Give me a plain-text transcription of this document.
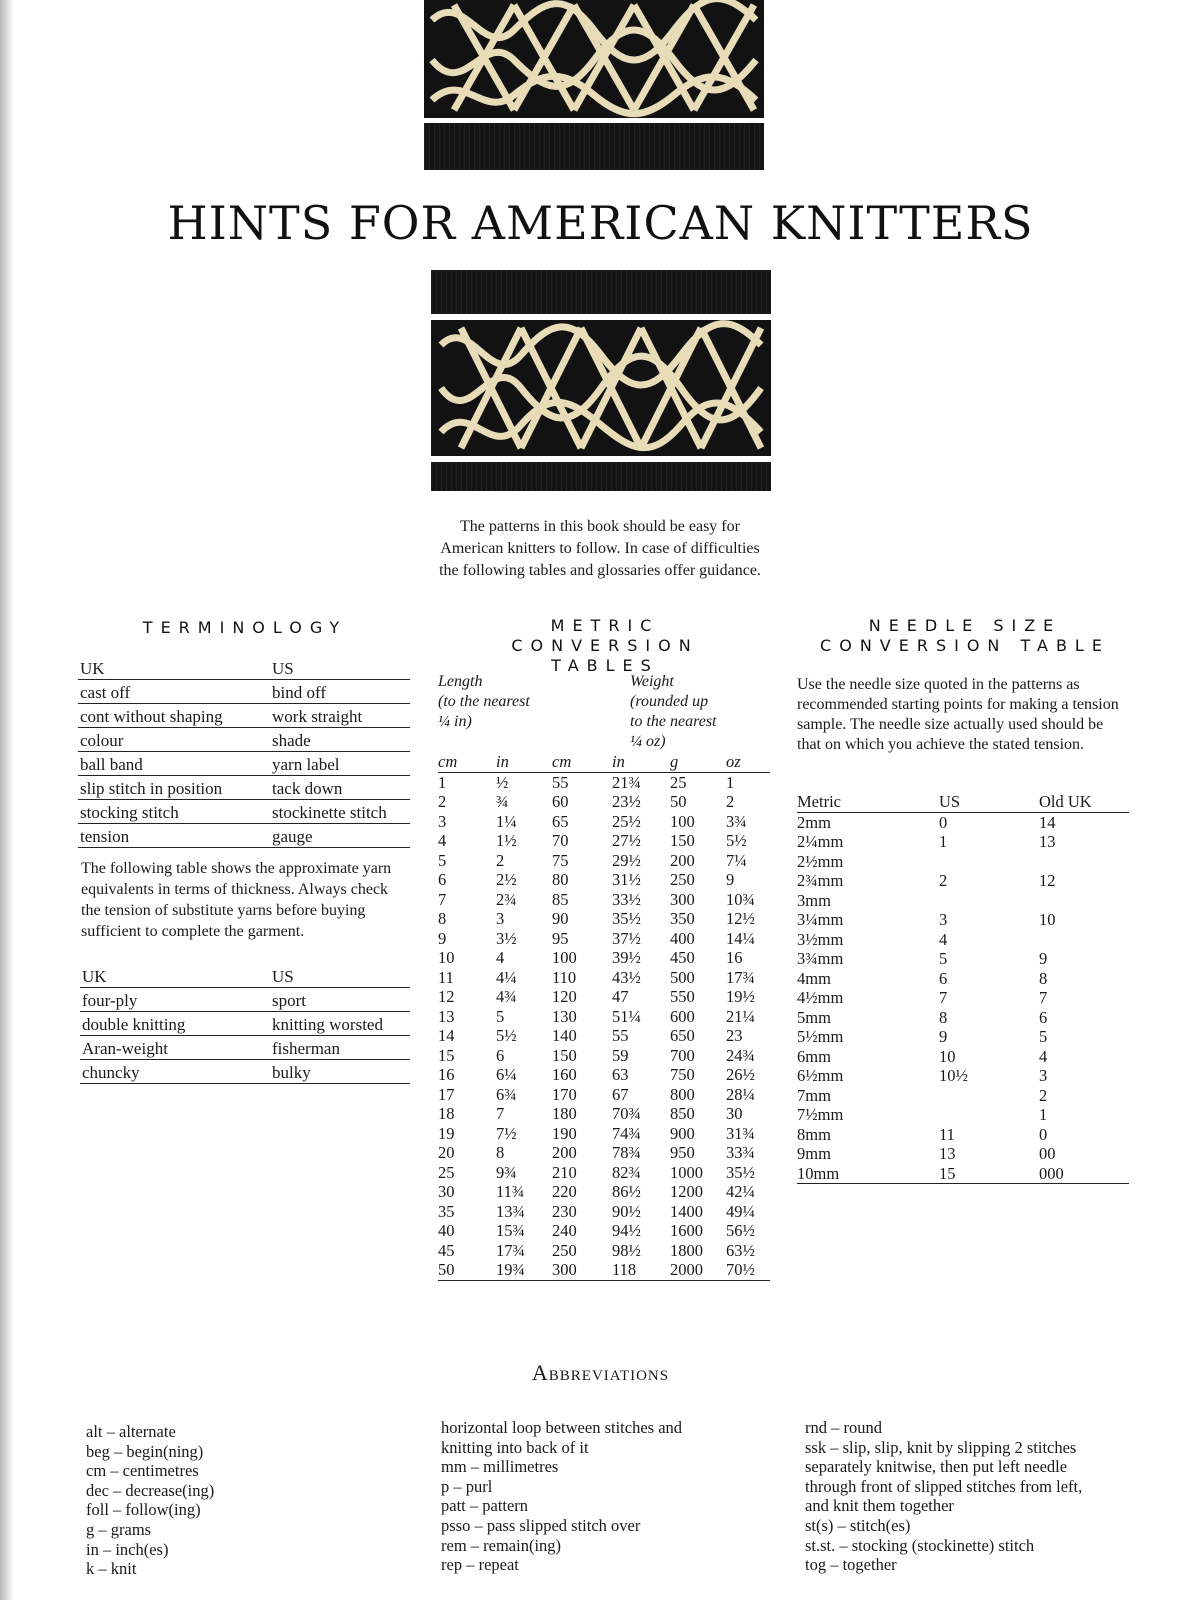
HINTS FOR AMERICAN KNITTERS
The patterns in this book should be easy for American knitters to follow. In case of difficulties the following tables and glossaries offer guidance.
TERMINOLOGY
UK	US
cast off	bind off
cont without shaping	work straight
colour	shade
ball band	yarn label
slip stitch in position	tack down
stocking stitch	stockinette stitch
tension	gauge
The following table shows the approximate yarn equivalents in terms of thickness. Always check the tension of substitute yarns before buying sufficient to complete the garment.
UK	US
four-ply	sport
double knitting	knitting worsted
Aran-weight	fisherman
chuncky	bulky
METRIC
CONVERSION
TABLES
Length
(to the nearest
¼ in)
Weight
(rounded up
to the nearest
¼ oz)
cm	in	cm	in	g	oz
1	½	55	21¾	25	1
2	¾	60	23½	50	2
3	1¼	65	25½	100	3¾
4	1½	70	27½	150	5½
5	2	75	29½	200	7¼
6	2½	80	31½	250	9
7	2¾	85	33½	300	10¾
8	3	90	35½	350	12½
9	3½	95	37½	400	14¼
10	4	100	39½	450	16
11	4¼	110	43½	500	17¾
12	4¾	120	47	550	19½
13	5	130	51¼	600	21¼
14	5½	140	55	650	23
15	6	150	59	700	24¾
16	6¼	160	63	750	26½
17	6¾	170	67	800	28¼
18	7	180	70¾	850	30
19	7½	190	74¾	900	31¾
20	8	200	78¾	950	33¾
25	9¾	210	82¾	1000	35½
30	11¾	220	86½	1200	42¼
35	13¾	230	90½	1400	49¼
40	15¾	240	94½	1600	56½
45	17¾	250	98½	1800	63½
50	19¾	300	118	2000	70½
NEEDLE SIZE
CONVERSION TABLE
Use the needle size quoted in the patterns as recommended starting points for making a tension sample. The needle size actually used should be that on which you achieve the stated tension.
Metric	US	Old UK
2mm	0	14
2¼mm	1	13
2½mm		
2¾mm	2	12
3mm		
3¼mm	3	10
3½mm	4	
3¾mm	5	9
4mm	6	8
4½mm	7	7
5mm	8	6
5½mm	9	5
6mm	10	4
6½mm	10½	3
7mm		2
7½mm		1
8mm	11	0
9mm	13	00
10mm	15	000
Abbreviations
alt – alternate
beg – begin(ning)
cm – centimetres
dec – decrease(ing)
foll – follow(ing)
g – grams
in – inch(es)
k – knit
horizontal loop between stitches and
knitting into back of it
mm – millimetres
p – purl
patt – pattern
psso – pass slipped stitch over
rem – remain(ing)
rep – repeat
rnd – round
ssk – slip, slip, knit by slipping 2 stitches
separately knitwise, then put left needle
through front of slipped stitches from left,
and knit them together
st(s) – stitch(es)
st.st. – stocking (stockinette) stitch
tog – together
